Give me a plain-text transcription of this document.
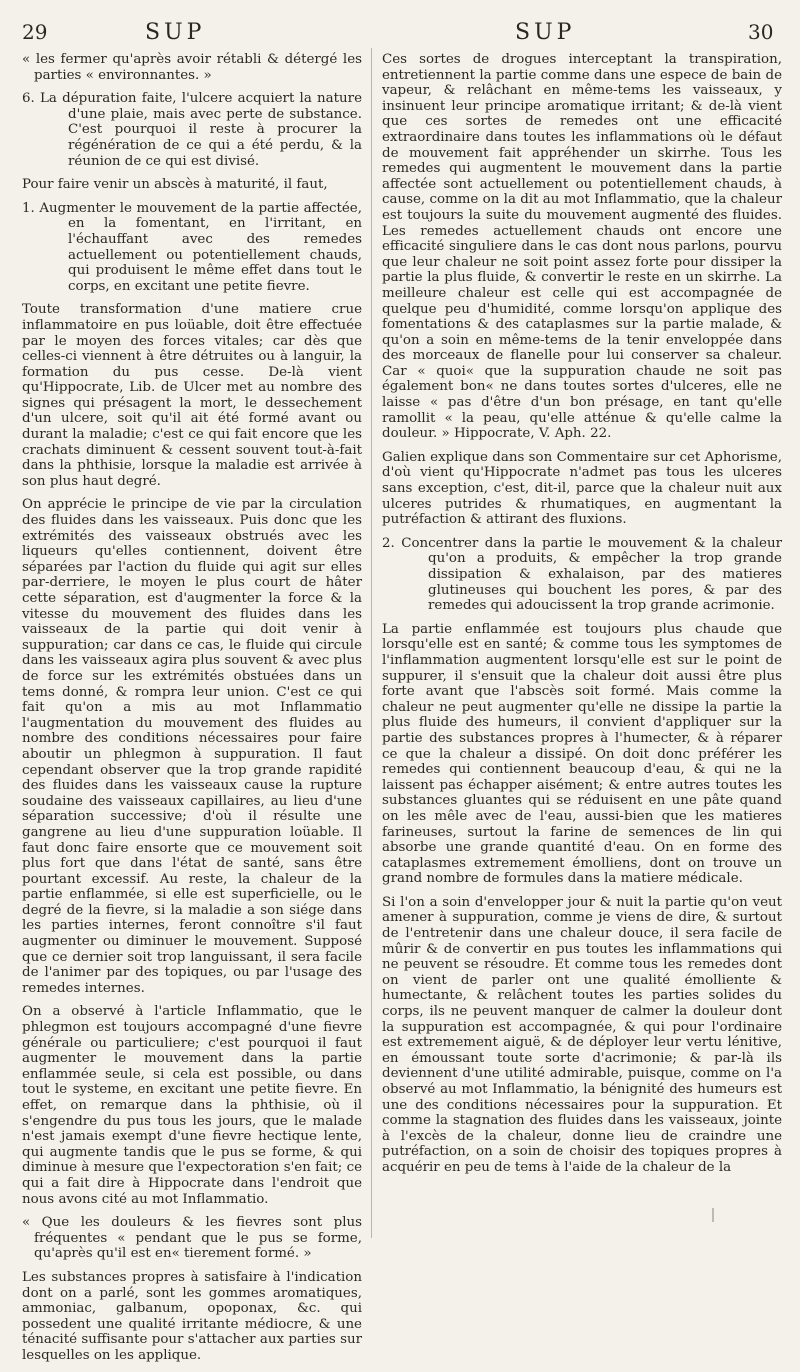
29	SUP	SUP	30

« les fermer qu'après avoir rétabli & détergé les parties « environnantes. »

6. La dépuration faite, l'ulcere acquiert la nature d'une plaie, mais avec perte de substance. C'est pourquoi il reste à procurer la régénération de ce qui a été perdu, & la réunion de ce qui est divisé.

Pour faire venir un abscès à maturité, il faut,

1. Augmenter le mouvement de la partie affectée, en la fomentant, en l'irritant, en l'échauffant avec des remedes actuellement ou potentiellement chauds, qui produisent le même effet dans tout le corps, en excitant une petite fievre.

Toute transformation d'une matiere crue inflammatoire en pus loüable, doit être effectuée par le moyen des forces vitales; car dès que celles-ci viennent à être détruites ou à languir, la formation du pus cesse. De-là vient qu'Hippocrate, Lib. de Ulcer met au nombre des signes qui présagent la mort, le dessechement d'un ulcere, soit qu'il ait été formé avant ou durant la maladie; c'est ce qui fait encore que les crachats diminuent & cessent souvent tout-à-fait dans la phthisie, lorsque la maladie est arrivée à son plus haut degré.

On apprécie le principe de vie par la circulation des fluides dans les vaisseaux. Puis donc que les extrémités des vaisseaux obstrués avec les liqueurs qu'elles contiennent, doivent être séparées par l'action du fluide qui agit sur elles par-derriere, le moyen le plus court de hâter cette séparation, est d'augmenter la force & la vitesse du mouvement des fluides dans les vaisseaux de la partie qui doit venir à suppuration; car dans ce cas, le fluide qui circule dans les vaisseaux agira plus souvent & avec plus de force sur les extrémités obstuées dans un tems donné, & rompra leur union. C'est ce qui fait qu'on a mis au mot Inflammatio l'augmentation du mouvement des fluides au nombre des conditions nécessaires pour faire aboutir un phlegmon à suppuration. Il faut cependant observer que la trop grande rapidité des fluides dans les vaisseaux cause la rupture soudaine des vaisseaux capillaires, au lieu d'une séparation successive; d'où il résulte une gangrene au lieu d'une suppuration loüable. Il faut donc faire ensorte que ce mouvement soit plus fort que dans l'état de santé, sans être pourtant excessif. Au reste, la chaleur de la partie enflammée, si elle est superficielle, ou le degré de la fievre, si la maladie a son siége dans les parties internes, feront connoître s'il faut augmenter ou diminuer le mouvement. Supposé que ce dernier soit trop languissant, il sera facile de l'animer par des topiques, ou par l'usage des remedes internes.

On a observé à l'article Inflammatio, que le phlegmon est toujours accompagné d'une fievre générale ou particuliere; c'est pourquoi il faut augmenter le mouvement dans la partie enflammée seule, si cela est possible, ou dans tout le systeme, en excitant une petite fievre. En effet, on remarque dans la phthisie, où il s'engendre du pus tous les jours, que le malade n'est jamais exempt d'une fievre hectique lente, qui augmente tandis que le pus se forme, & qui diminue à mesure que l'expectoration s'en fait; ce qui a fait dire à Hippocrate dans l'endroit que nous avons cité au mot Inflammatio.

« Que les douleurs & les fievres sont plus fréquentes « pendant que le pus se forme, qu'après qu'il est en« tierement formé. »

Les substances propres à satisfaire à l'indication dont on a parlé, sont les gommes aromatiques, ammoniac, galbanum, opoponax, &c. qui possedent une qualité irritante médiocre, & une ténacité suffisante pour s'attacher aux parties sur lesquelles on les applique.

Ces sortes de drogues interceptant la transpiration, entretiennent la partie comme dans une espece de bain de vapeur, & relâchant en même-tems les vaisseaux, y insinuent leur principe aromatique irritant; & de-là vient que ces sortes de remedes ont une efficacité extraordinaire dans toutes les inflammations où le défaut de mouvement fait appréhender un skirrhe. Tous les remedes qui augmentent le mouvement dans la partie affectée sont actuellement ou potentiellement chauds, à cause, comme on la dit au mot Inflammatio, que la chaleur est toujours la suite du mouvement augmenté des fluides. Les remedes actuellement chauds ont encore une efficacité singuliere dans le cas dont nous parlons, pourvu que leur chaleur ne soit point assez forte pour dissiper la partie la plus fluide, & convertir le reste en un skirrhe. La meilleure chaleur est celle qui est accompagnée de quelque peu d'humidité, comme lorsqu'on applique des fomentations & des cataplasmes sur la partie malade, & qu'on a soin en même-tems de la tenir enveloppée dans des morceaux de flanelle pour lui conserver sa chaleur. Car « quoi« que la suppuration chaude ne soit pas également bon« ne dans toutes sortes d'ulceres, elle ne laisse « pas d'être d'un bon présage, en tant qu'elle ramollit « la peau, qu'elle atténue & qu'elle calme la douleur. » Hippocrate, V. Aph. 22.

Galien explique dans son Commentaire sur cet Aphorisme, d'où vient qu'Hippocrate n'admet pas tous les ulceres sans exception, c'est, dit-il, parce que la chaleur nuit aux ulceres putrides & rhumatiques, en augmentant la putréfaction & attirant des fluxions.

2. Concentrer dans la partie le mouvement & la chaleur qu'on a produits, & empêcher la trop grande dissipation & exhalaison, par des matieres glutineuses qui bouchent les pores, & par des remedes qui adoucissent la trop grande acrimonie.

La partie enflammée est toujours plus chaude que lorsqu'elle est en santé; & comme tous les symptomes de l'inflammation augmentent lorsqu'elle est sur le point de suppurer, il s'ensuit que la chaleur doit aussi être plus forte avant que l'abscès soit formé. Mais comme la chaleur ne peut augmenter qu'elle ne dissipe la partie la plus fluide des humeurs, il convient d'appliquer sur la partie des substances propres à l'humecter, & à réparer ce que la chaleur a dissipé. On doit donc préférer les remedes qui contiennent beaucoup d'eau, & qui ne la laissent pas échapper aisément; & entre autres toutes les substances gluantes qui se réduisent en une pâte quand on les mêle avec de l'eau, aussi-bien que les matieres farineuses, surtout la farine de semences de lin qui absorbe une grande quantité d'eau. On en forme des cataplasmes extremement émolliens, dont on trouve un grand nombre de formules dans la matiere médicale.

Si l'on a soin d'envelopper jour & nuit la partie qu'on veut amener à suppuration, comme je viens de dire, & surtout de l'entretenir dans une chaleur douce, il sera facile de mûrir & de convertir en pus toutes les inflammations qui ne peuvent se résoudre. Et comme tous les remedes dont on vient de parler ont une qualité émolliente & humectante, & relâchent toutes les parties solides du corps, ils ne peuvent manquer de calmer la douleur dont la suppuration est accompagnée, & qui pour l'ordinaire est extremement aiguë, & de déployer leur vertu lénitive, en émoussant toute sorte d'acrimonie; & par-là ils deviennent d'une utilité admirable, puisque, comme on l'a observé au mot Inflammatio, la bénignité des humeurs est une des conditions nécessaires pour la suppuration. Et comme la stagnation des fluides dans les vaisseaux, jointe à l'excès de la chaleur, donne lieu de craindre une putréfaction, on a soin de choisir des topiques propres à acquérir en peu de tems à l'aide de la chaleur de la
